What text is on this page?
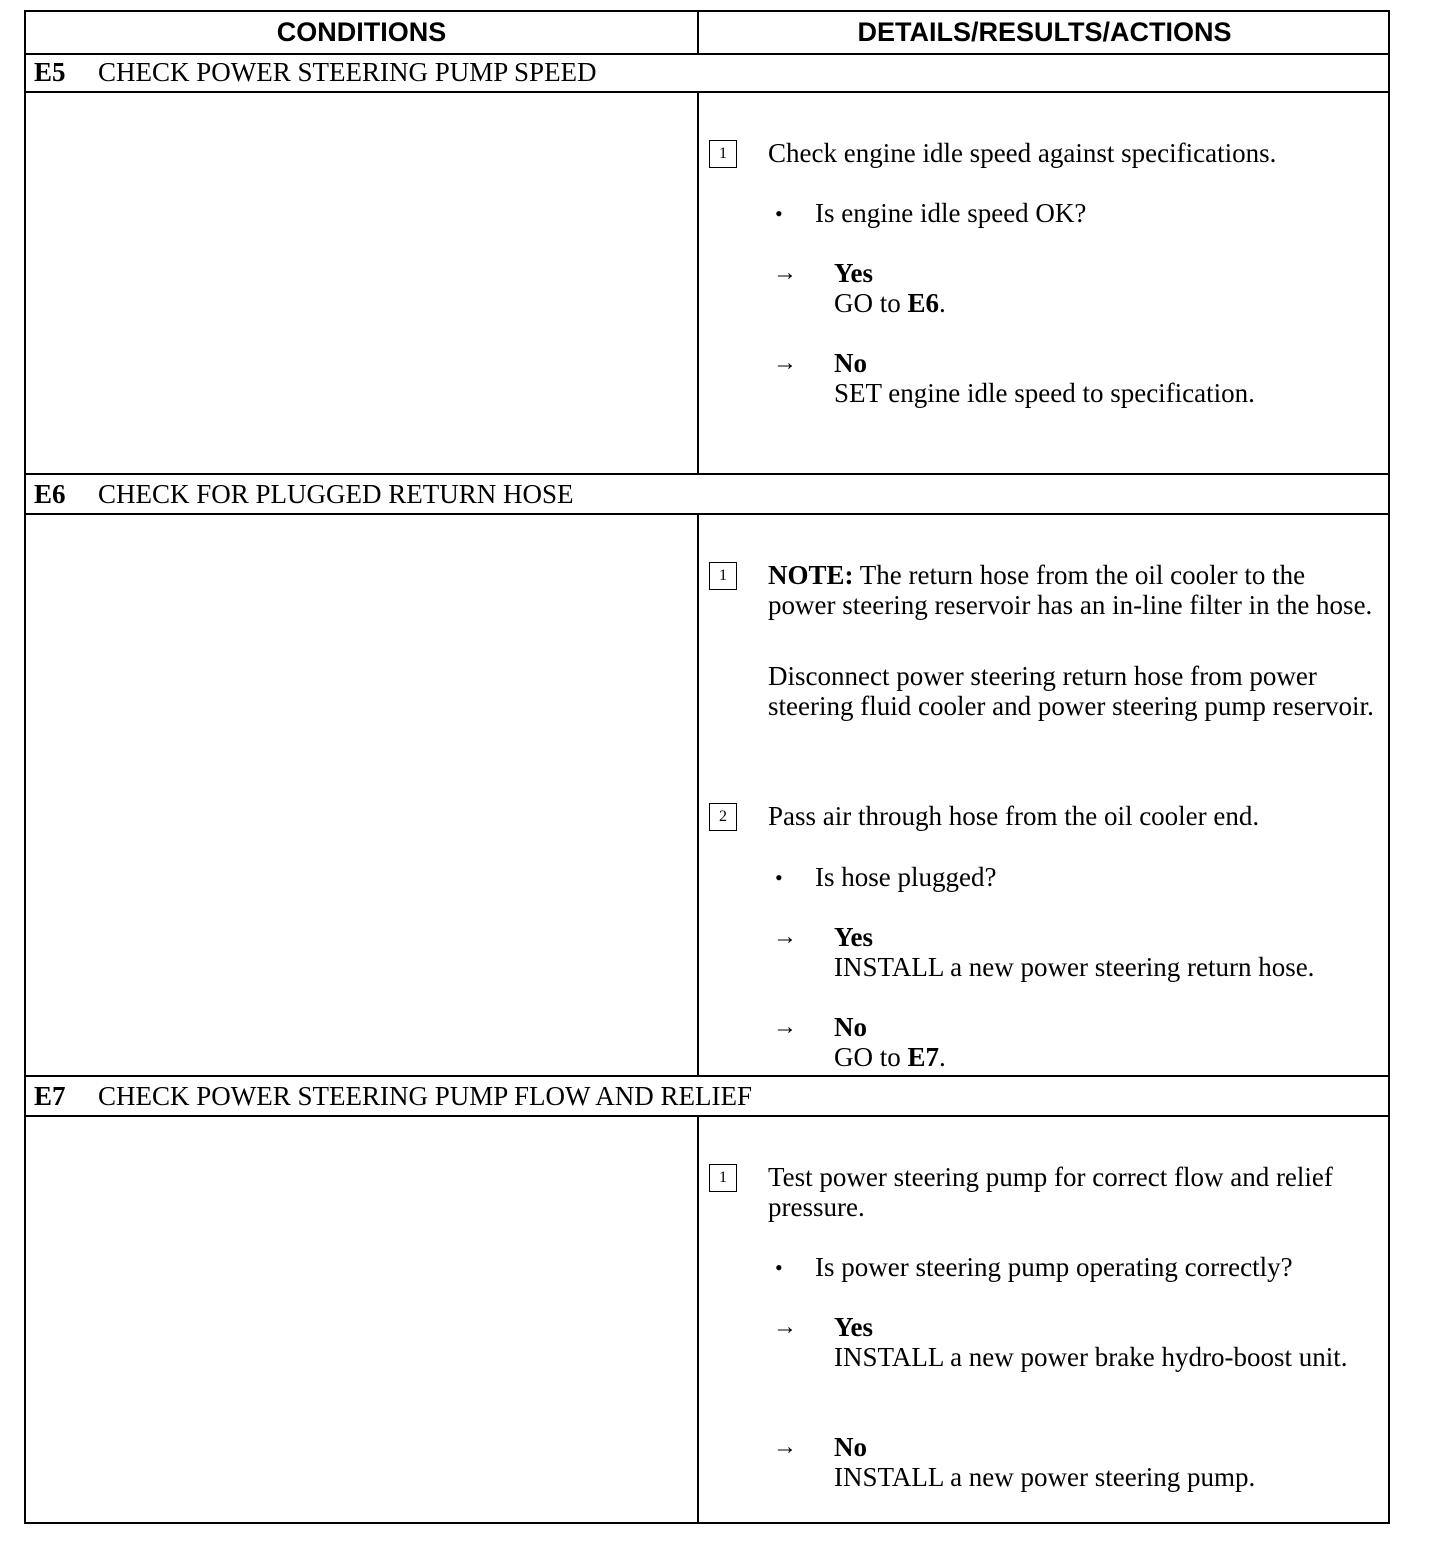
CONDITIONS	DETAILS/RESULTS/ACTIONS
E5	CHECK POWER STEERING PUMP SPEED
1	Check engine idle speed against specifications.
• Is engine idle speed OK?
→ Yes
GO to E6.
→ No
SET engine idle speed to specification.
E6	CHECK FOR PLUGGED RETURN HOSE
1	NOTE: The return hose from the oil cooler to the power steering reservoir has an in-line filter in the hose.
Disconnect power steering return hose from power steering fluid cooler and power steering pump reservoir.
2	Pass air through hose from the oil cooler end.
• Is hose plugged?
→ Yes
INSTALL a new power steering return hose.
→ No
GO to E7.
E7	CHECK POWER STEERING PUMP FLOW AND RELIEF
1	Test power steering pump for correct flow and relief pressure.
• Is power steering pump operating correctly?
→ Yes
INSTALL a new power brake hydro-boost unit.
→ No
INSTALL a new power steering pump.
